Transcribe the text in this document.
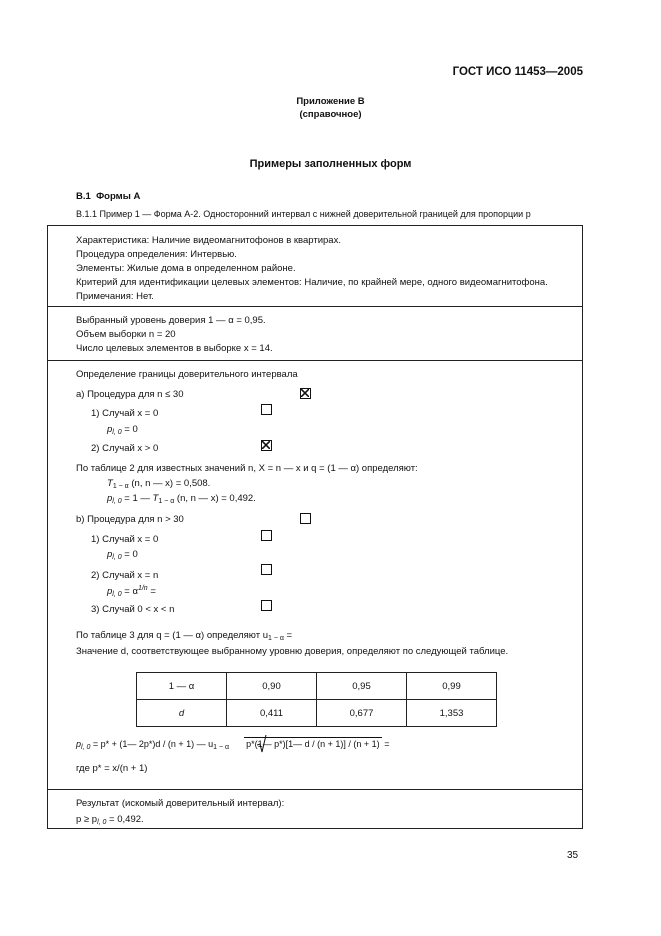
ГОСТ ИСО 11453—2005
Приложение В
(справочное)
Примеры заполненных форм
В.1 Формы А
В.1.1 Пример 1 — Форма А-2. Односторонний интервал с нижней доверительной границей для пропорции p
Характеристика: Наличие видеомагнитофонов в квартирах.
Процедура определения: Интервью.
Элементы: Жилые дома в определенном районе.
Критерий для идентификации целевых элементов: Наличие, по крайней мере, одного видеомагнитофона.
Примечания: Нет.
Выбранный уровень доверия 1 — α = 0,95.
Объем выборки n = 20
Число целевых элементов в выборке x = 14.
Определение границы доверительного интервала
a) Процедура для n ≤ 30
1) Случай x = 0
$p_{l, 0} = 0$
2) Случай x > 0
По таблице 2 для известных значений n, X = n — x и q = (1 — α) определяют:
$T_{1 - \alpha}$ (n, n — x) = 0,508.
$p_{l, 0} = 1$ — $T_{1 - \alpha}$ (n, n — x) = 0,492.
b) Процедура для n > 30
1) Случай x = 0
$p_{l, 0} = 0$
2) Случай x = n
$p_{l, 0} = \alpha^{1/n}$ =
3) Случай 0 < x < n
По таблице 3 для q = (1 — α) определяют $u_{1 - \alpha}$ =
Значение d, соответствующее выбранному уровню доверия, определяют по следующей таблице.
1 — α	0,90	0,95	0,99
d	0,411	0,677	1,353
$p_{l, 0} = p*$ + (1— 2p*)d / (n + 1) — $u_{1 - \alpha}$ p*(1— p*)[1— d / (n + 1)] / (n + 1) =
где p* = x/(n + 1)
Результат (искомый доверительный интервал):
$p \ge p_{l, 0} = 0,492$.
35
